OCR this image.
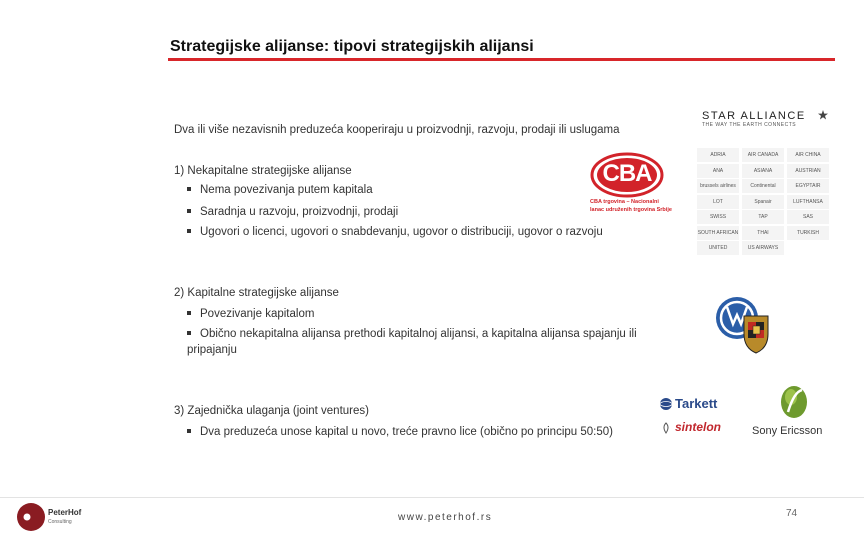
Strategijske alijanse: tipovi strategijskih alijansi
Dva ili više nezavisnih preduzeća kooperiraju u proizvodnji, razvoju, prodaji ili uslugama
1) Nekapitalne strategijske alijanse
Nema povezivanja putem kapitala
Saradnja u razvoju, proizvodnji, prodaji
Ugovori o licenci, ugovori o snabdevanju, ugovor o distribuciji, ugovor o razvoju
2) Kapitalne strategijske alijanse
Povezivanje kapitalom
Obično nekapitalna alijansa prethodi kapitalnoj alijansi, a kapitalna alijansa spajanju ili pripajanju
3) Zajednička ulaganja (joint ventures)
Dva preduzeća unose kapital u novo, treće pravno lice (obično po principu 50:50)
STAR ALLIANCE
THE WAY THE EARTH CONNECTS
ADRIA	AIR CANADA	AIR CHINA
ANA	ASIANA	AUSTRIAN
brussels airlines	Continental	EGYPTAIR
LOT	Spanair	LUFTHANSA
SWISS	TAP	SAS
SOUTH AFRICAN	THAI	TURKISH
UNITED	US AIRWAYS
CBA
CBA trgovina – Nacionalni
lanac udruženih trgovina Srbije
Tarkett
sintelon	Sony Ericsson
PeterHof
Consulting	www.peterhof.rs	74
